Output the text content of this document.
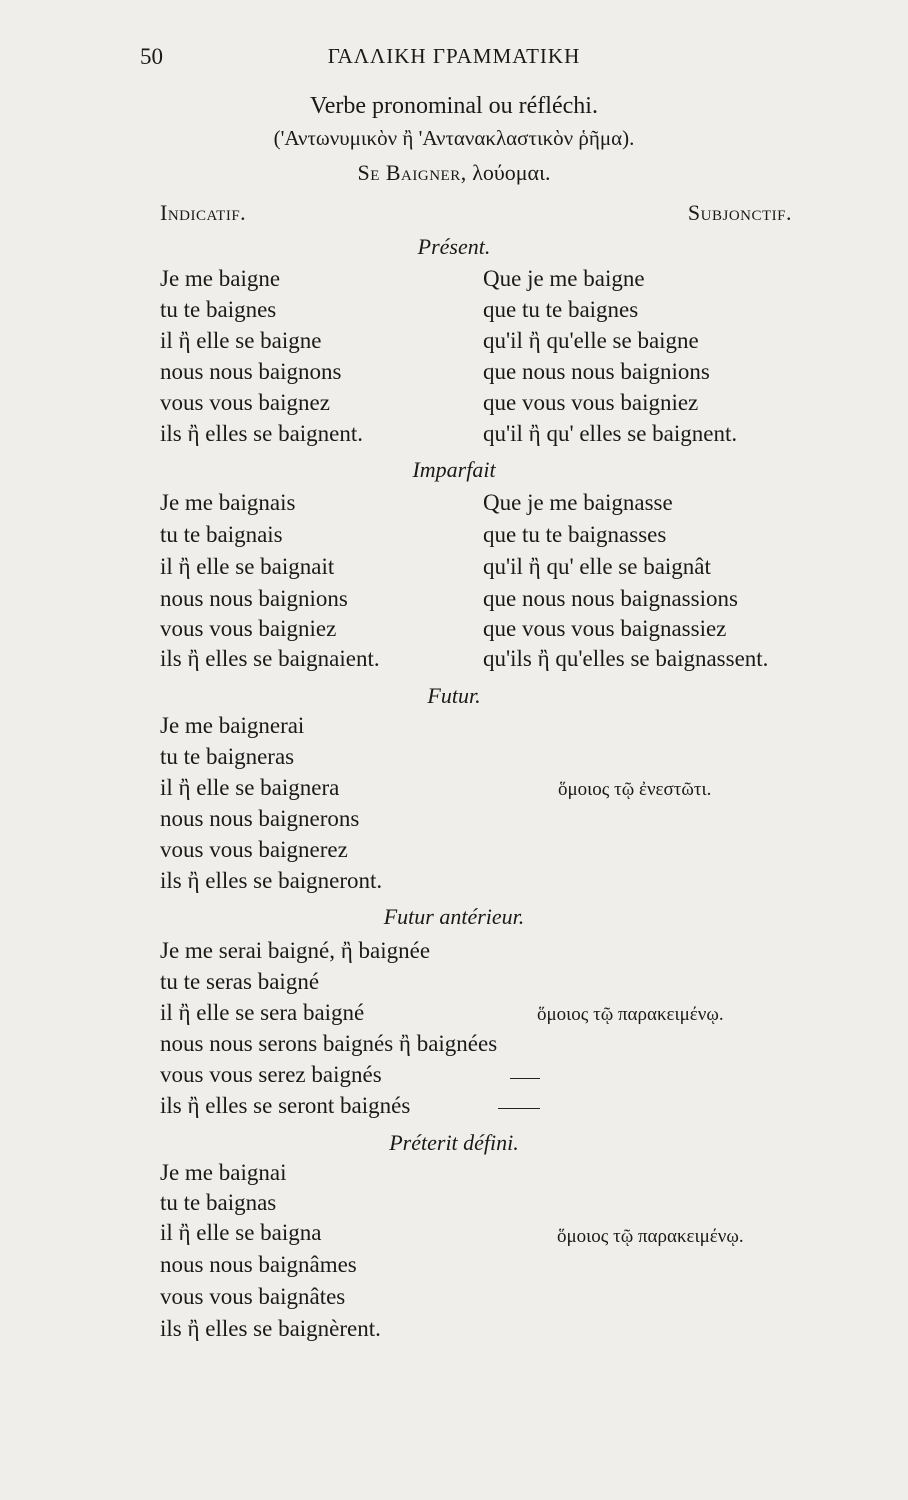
50	ΓΑΛΛΙΚΗ ΓΡΑΜΜΑΤΙΚΗ
Verbe pronominal ou réfléchi.
('Αντωνυμικὸν ἢ 'Αντανακλαστικὸν ῥῆμα).
Se Baigner, λούομαι.
Indicatif.	Subjonctif.
Présent.
Je me baigne
tu te baignes
il ἢ elle se baigne
nous nous baignons
vous vous baignez
ils ἢ elles se baignent.
Que je me baigne
que tu te baignes
qu'il ἢ qu'elle se baigne
que nous nous baignions
que vous vous baigniez
qu'il ἢ qu' elles se baignent.
Imparfait
Je me baignais
tu te baignais
il ἢ elle se baignait
nous nous baignions
vous vous baigniez
ils ἢ elles se baignaient.
Que je me baignasse
que tu te baignasses
qu'il ἢ qu' elle se baignât
que nous nous baignassions
que vous vous baignassiez
qu'ils ἢ qu'elles se baignassent.
Futur.
Je me baignerai
tu te baigneras
il ἢ elle se baignera
nous nous baignerons
vous vous baignerez
ils ἢ elles se baigneront.
ὅμοιος τῷ ἐνεστῶτι.
Futur antérieur.
Je me serai baigné, ἢ baignée
tu te seras baigné
il ἢ elle se sera baigné
nous nous serons baignés ἢ baignées
vous vous serez baignés
ils ἢ elles se seront baignés
ὅμοιος τῷ παρακειμένῳ.
Préterit défini.
Je me baignai
tu te baignas
il ἢ elle se baigna
nous nous baignâmes
vous vous baignâtes
ils ἢ elles se baignèrent.
ὅμοιος τῷ παρακειμένῳ.
